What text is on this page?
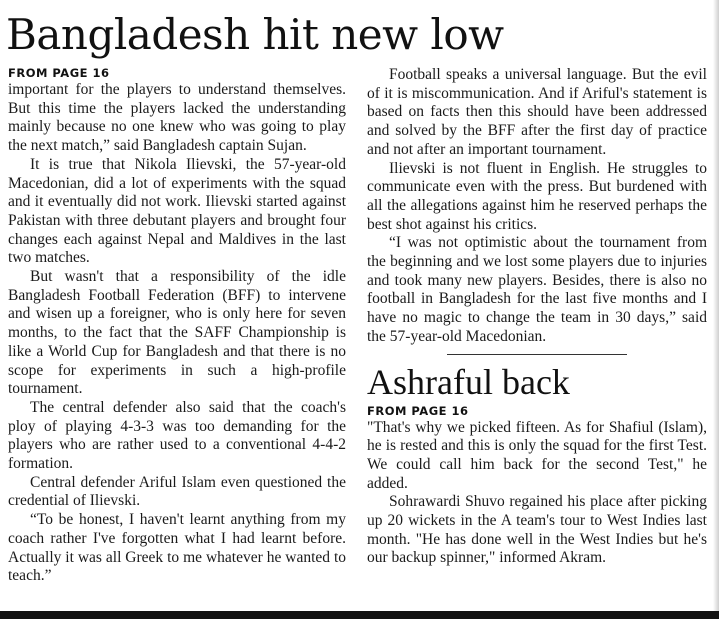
Bangladesh hit new low
FROM PAGE 16

important for the players to understand themselves. But this time the players lacked the understanding mainly because no one knew who was going to play the next match,” said Bangladesh captain Sujan.

It is true that Nikola Ilievski, the 57-year-old Macedonian, did a lot of experiments with the squad and it eventually did not work. Ilievski started against Pakistan with three debutant players and brought four changes each against Nepal and Maldives in the last two matches.

But wasn't that a responsibility of the idle Bangladesh Football Federation (BFF) to intervene and wisen up a foreigner, who is only here for seven months, to the fact that the SAFF Championship is like a World Cup for Bangladesh and that there is no scope for experiments in such a high-profile tournament.

The central defender also said that the coach's ploy of playing 4-3-3 was too demanding for the players who are rather used to a conventional 4-4-2 formation.

Central defender Ariful Islam even questioned the credential of Ilievski.

“To be honest, I haven't learnt anything from my coach rather I've forgotten what I had learnt before. Actually it was all Greek to me whatever he wanted to teach.”

Football speaks a universal language. But the evil of it is miscommunication. And if Ariful's statement is based on facts then this should have been addressed and solved by the BFF after the first day of practice and not after an important tournament.

Ilievski is not fluent in English. He struggles to communicate even with the press. But burdened with all the allegations against him he reserved perhaps the best shot against his critics.

“I was not optimistic about the tournament from the beginning and we lost some players due to injuries and took many new players. Besides, there is also no football in Bangladesh for the last five months and I have no magic to change the team in 30 days,” said the 57-year-old Macedonian.

Ashraful back
FROM PAGE 16

"That's why we picked fifteen. As for Shafiul (Islam), he is rested and this is only the squad for the first Test. We could call him back for the second Test," he added.

Sohrawardi Shuvo regained his place after picking up 20 wickets in the A team's tour to West Indies last month. "He has done well in the West Indies but he's our backup spinner," informed Akram.
